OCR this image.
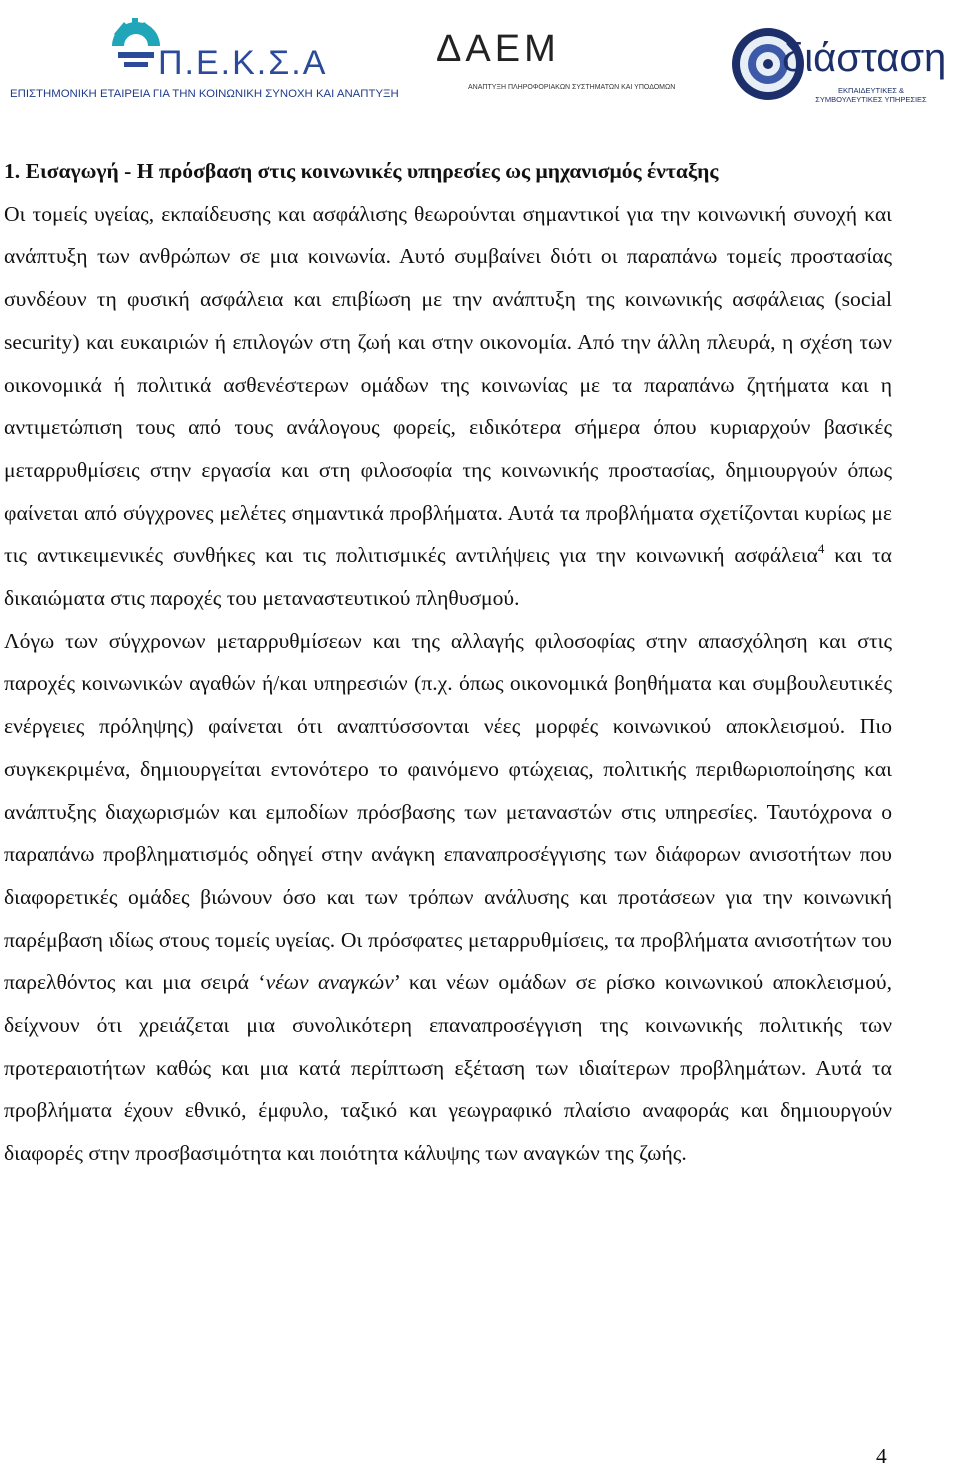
Π.Ε.Κ.Σ.Α
ΕΠΙΣΤΗΜΟΝΙΚΗ ΕΤΑΙΡΕΙΑ ΓΙΑ ΤΗΝ ΚΟΙΝΩΝΙΚΗ ΣΥΝΟΧΗ ΚΑΙ ΑΝΑΠΤΥΞΗ
ΔΑΕΜ
ΑΝΑΠΤΥΞΗ ΠΛΗΡΟΦΟΡΙΑΚΩΝ ΣΥΣΤΗΜΑΤΩΝ ΚΑΙ ΥΠΟΔΟΜΩΝ
διάσταση
ΕΚΠΑΙΔΕΥΤΙΚΕΣ & ΣΥΜΒΟΥΛΕΥΤΙΚΕΣ ΥΠΗΡΕΣΙΕΣ
1. Εισαγωγή - Η πρόσβαση στις κοινωνικές υπηρεσίες ως μηχανισμός ένταξης

Οι τομείς υγείας, εκπαίδευσης και ασφάλισης θεωρούνται σημαντικοί για την κοινωνική συνοχή και ανάπτυξη των ανθρώπων σε μια κοινωνία. Αυτό συμβαίνει διότι οι παραπάνω τομείς προστασίας συνδέουν τη φυσική ασφάλεια και επιβίωση με την ανάπτυξη της κοινωνικής ασφάλειας (social security) και ευκαιριών ή επιλογών στη ζωή και στην οικονομία. Από την άλλη πλευρά, η σχέση των οικονομικά ή πολιτικά ασθενέστερων ομάδων της κοινωνίας με τα παραπάνω ζητήματα και η αντιμετώπιση τους από τους ανάλογους φορείς, ειδικότερα σήμερα όπου κυριαρχούν βασικές μεταρρυθμίσεις στην εργασία και στη φιλοσοφία της κοινωνικής προστασίας, δημιουργούν όπως φαίνεται από σύγχρονες μελέτες σημαντικά προβλήματα. Αυτά τα προβλήματα σχετίζονται κυρίως με τις αντικειμενικές συνθήκες και τις πολιτισμικές αντιλήψεις για την κοινωνική ασφάλεια$^4$ και τα δικαιώματα στις παροχές του μεταναστευτικού πληθυσμού.

Λόγω των σύγχρονων μεταρρυθμίσεων και της αλλαγής φιλοσοφίας στην απασχόληση και στις παροχές κοινωνικών αγαθών ή/και υπηρεσιών (π.χ. όπως οικονομικά βοηθήματα και συμβουλευτικές ενέργειες πρόληψης) φαίνεται ότι αναπτύσσονται νέες μορφές κοινωνικού αποκλεισμού. Πιο συγκεκριμένα, δημιουργείται εντονότερο το φαινόμενο φτώχειας, πολιτικής περιθωριοποίησης και ανάπτυξης διαχωρισμών και εμποδίων πρόσβασης των μεταναστών στις υπηρεσίες. Ταυτόχρονα ο παραπάνω προβληματισμός οδηγεί στην ανάγκη επαναπροσέγγισης των διάφορων ανισοτήτων που διαφορετικές ομάδες βιώνουν όσο και των τρόπων ανάλυσης και προτάσεων για την κοινωνική παρέμβαση ιδίως στους τομείς υγείας. Οι πρόσφατες μεταρρυθμίσεις, τα προβλήματα ανισοτήτων του παρελθόντος και μια σειρά ‘νέων αναγκών’ και νέων ομάδων σε ρίσκο κοινωνικού αποκλεισμού, δείχνουν ότι χρειάζεται μια συνολικότερη επαναπροσέγγιση της κοινωνικής πολιτικής των προτεραιοτήτων καθώς και μια κατά περίπτωση εξέταση των ιδιαίτερων προβλημάτων. Αυτά τα προβλήματα έχουν εθνικό, έμφυλο, ταξικό και γεωγραφικό πλαίσιο αναφοράς και δημιουργούν διαφορές στην προσβασιμότητα και ποιότητα κάλυψης των αναγκών της ζωής.

4
